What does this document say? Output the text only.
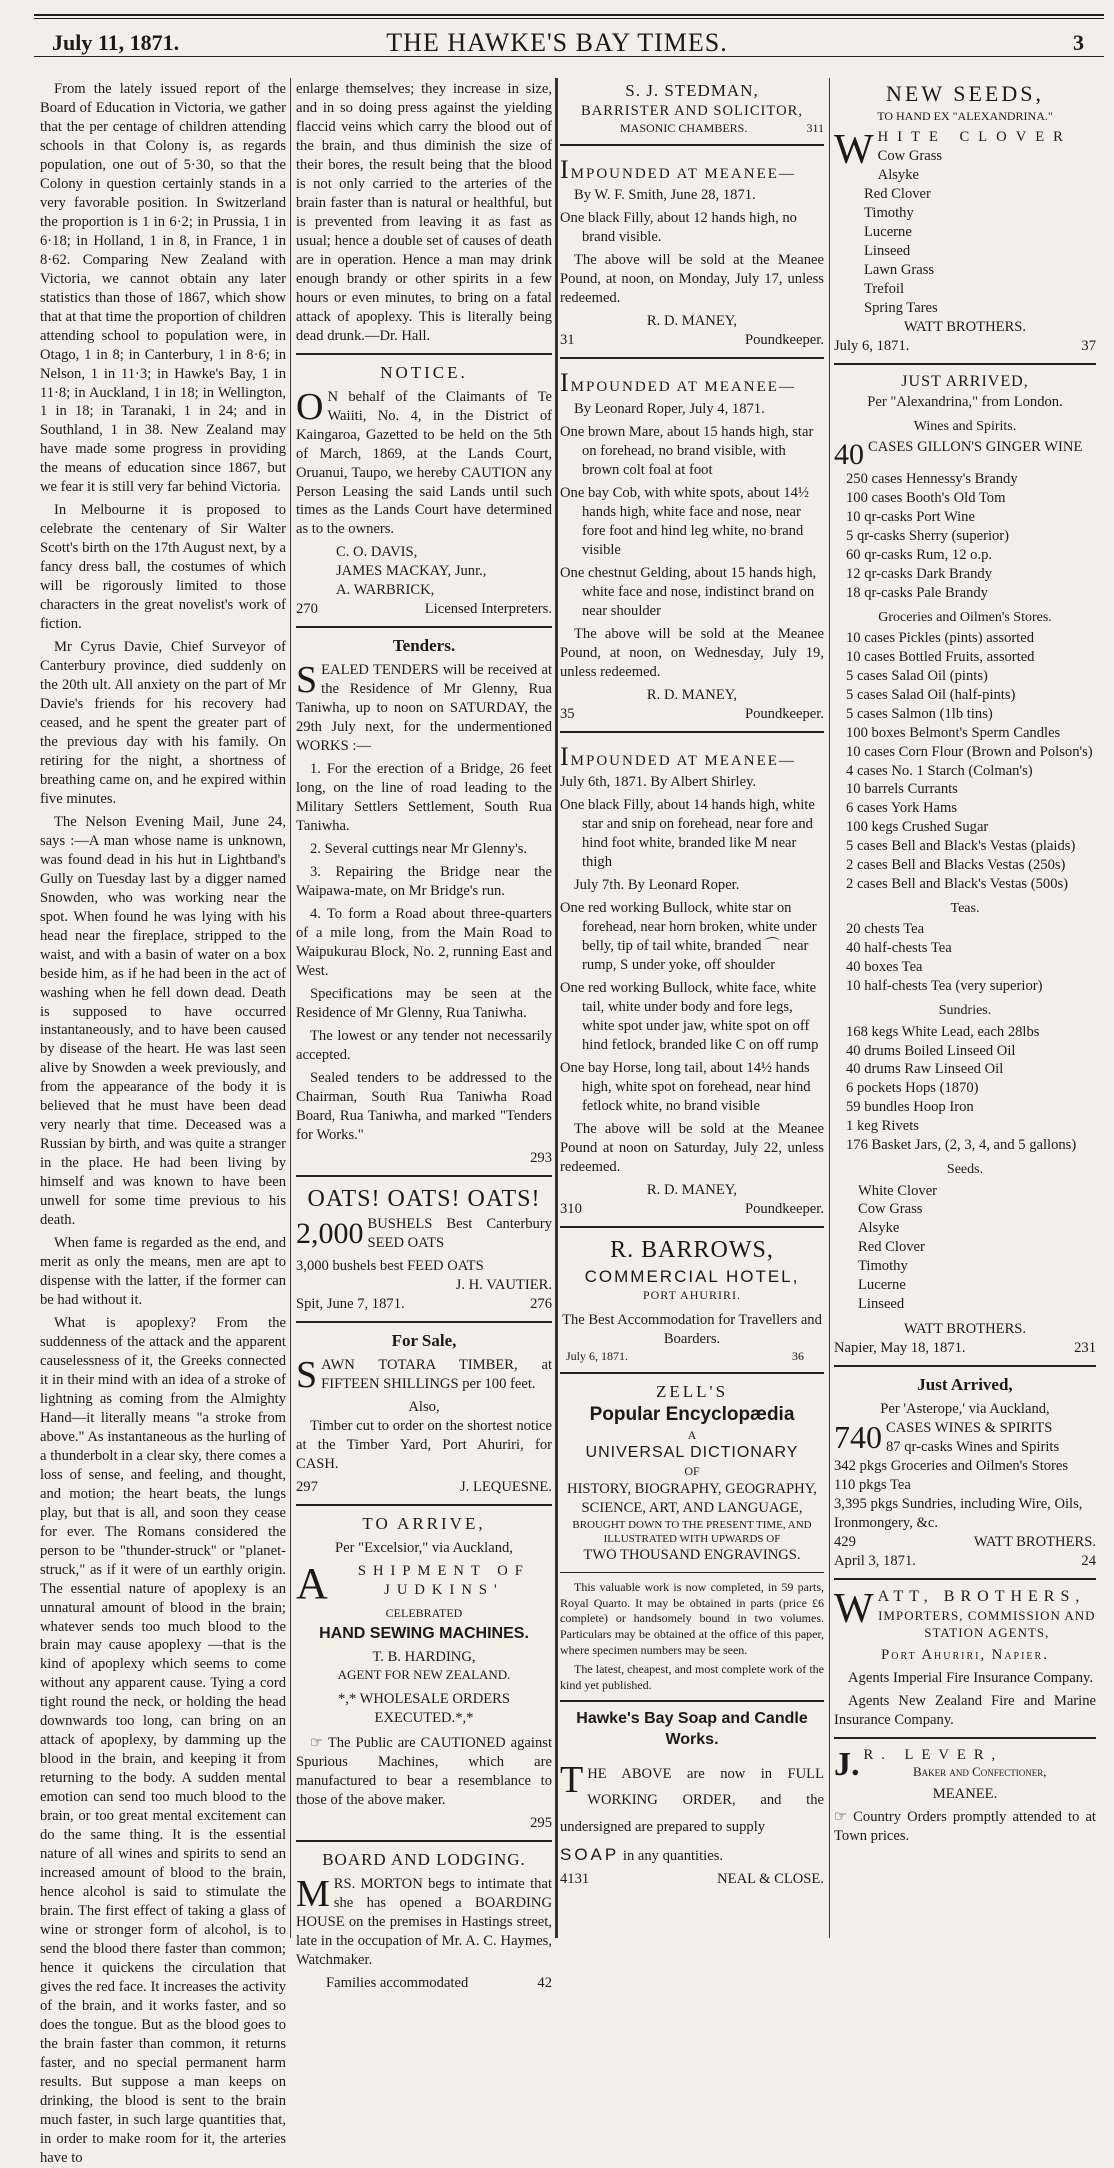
July 11, 1871.	THE HAWKE'S BAY TIMES.	3

From the lately issued report of the Board of Education in Victoria, we gather that the per centage of children attending schools in that Colony is, as regards population, one out of 5·30, so that the Colony in question certainly stands in a very favorable position. In Switzerland the proportion is 1 in 6·2; in Prussia, 1 in 6·18; in Holland, 1 in 8, in France, 1 in 8·62. Comparing New Zealand with Victoria, we cannot obtain any later statistics than those of 1867, which show that at that time the proportion of children attending school to population were, in Otago, 1 in 8; in Canterbury, 1 in 8·6; in Nelson, 1 in 11·3; in Hawke's Bay, 1 in 11·8; in Auckland, 1 in 18; in Wellington, 1 in 18; in Taranaki, 1 in 24; and in Southland, 1 in 38. New Zealand may have made some progress in providing the means of education since 1867, but we fear it is still very far behind Victoria.

In Melbourne it is proposed to celebrate the centenary of Sir Walter Scott's birth on the 17th August next, by a fancy dress ball, the costumes of which will be rigorously limited to those characters in the great novelist's work of fiction.

Mr Cyrus Davie, Chief Surveyor of Canterbury province, died suddenly on the 20th ult. All anxiety on the part of Mr Davie's friends for his recovery had ceased, and he spent the greater part of the previous day with his family. On retiring for the night, a shortness of breathing came on, and he expired within five minutes.

The Nelson Evening Mail, June 24, says :—A man whose name is unknown, was found dead in his hut in Lightband's Gully on Tuesday last by a digger named Snowden, who was working near the spot. When found he was lying with his head near the fireplace, stripped to the waist, and with a basin of water on a box beside him, as if he had been in the act of washing when he fell down dead. Death is supposed to have occurred instantaneously, and to have been caused by disease of the heart. He was last seen alive by Snowden a week previously, and from the appearance of the body it is believed that he must have been dead very nearly that time. Deceased was a Russian by birth, and was quite a stranger in the place. He had been living by himself and was known to have been unwell for some time previous to his death.

When fame is regarded as the end, and merit as only the means, men are apt to dispense with the latter, if the former can be had without it.

What is apoplexy? From the suddenness of the attack and the apparent causelessness of it, the Greeks connected it in their mind with an idea of a stroke of lightning as coming from the Almighty Hand—it literally means "a stroke from above." As instantaneous as the hurling of a thunderbolt in a clear sky, there comes a loss of sense, and feeling, and thought, and motion; the heart beats, the lungs play, but that is all, and soon they cease for ever. The Romans considered the person to be "thunder-struck" or "planet-struck," as if it were of un earthly origin. The essential nature of apoplexy is an unnatural amount of blood in the brain; whatever sends too much blood to the brain may cause apoplexy —that is the kind of apoplexy which seems to come without any apparent cause. Tying a cord tight round the neck, or holding the head downwards too long, can bring on an attack of apoplexy, by damming up the blood in the brain, and keeping it from returning to the body. A sudden mental emotion can send too much blood to the brain, or too great mental excitement can do the same thing. It is the essential nature of all wines and spirits to send an increased amount of blood to the brain, hence alcohol is said to stimulate the brain. The first effect of taking a glass of wine or stronger form of alcohol, is to send the blood there faster than common; hence it quickens the circulation that gives the red face. It increases the activity of the brain, and it works faster, and so does the tongue. But as the blood goes to the brain faster than common, it returns faster, and no special permanent harm results. But suppose a man keeps on drinking, the blood is sent to the brain much faster, in such large quantities that, in order to make room for it, the arteries have to

enlarge themselves; they increase in size, and in so doing press against the yielding flaccid veins which carry the blood out of the brain, and thus diminish the size of their bores, the result being that the blood is not only carried to the arteries of the brain faster than is natural or healthful, but is prevented from leaving it as fast as usual; hence a double set of causes of death are in operation. Hence a man may drink enough brandy or other spirits in a few hours or even minutes, to bring on a fatal attack of apoplexy. This is literally being dead drunk.—Dr. Hall.

NOTICE.

O N behalf of the Claimants of Te Waiiti, No. 4, in the District of Kaingaroa, Gazetted to be held on the 5th of March, 1869, at the Lands Court, Oruanui, Taupo, we hereby CAUTION any Person Leasing the said Lands until such times as the Lands Court have determined as to the owners.

C. O. DAVIS,
JAMES MACKAY, Junr.,
A. WARBRICK,
270	Licensed Interpreters.
Tenders.

SEALED TENDERS will be received at the Residence of Mr Glenny, Rua Taniwha, up to noon on SATURDAY, the 29th July next, for the undermentioned WORKS :—

1. For the erection of a Bridge, 26 feet long, on the line of road leading to the Military Settlers Settlement, South Rua Taniwha.

2. Several cuttings near Mr Glenny's.

3. Repairing the Bridge near the Waipawa-mate, on Mr Bridge's run.

4. To form a Road about three-quarters of a mile long, from the Main Road to Waipukurau Block, No. 2, running East and West.

Specifications may be seen at the Residence of Mr Glenny, Rua Taniwha.

The lowest or any tender not necessarily accepted.

Sealed tenders to be addressed to the Chairman, South Rua Taniwha Road Board, Rua Taniwha, and marked "Tenders for Works."

293
OATS! OATS! OATS!

2,000 BUSHELS Best Canterbury SEED OATS

3,000 bushels best FEED OATS
J. H. VAUTIER.
Spit, June 7, 1871.	276
For Sale,

SAWN TOTARA TIMBER, at FIFTEEN SHILLINGS per 100 feet.

Also,

Timber cut to order on the shortest notice at the Timber Yard, Port Ahuriri, for CASH.

297	J. LEQUESNE.
TO ARRIVE,
Per "Excelsior," via Auckland,
A	SHIPMENT OF
JUDKINS'
CELEBRATED
HAND SEWING MACHINES.
T. B. HARDING,
AGENT FOR NEW ZEALAND.
*,* WHOLESALE ORDERS EXECUTED.*,*

☞ The Public are CAUTIONED against Spurious Machines, which are manufactured to bear a resemblance to those of the above maker.

295
BOARD AND LODGING.

MRS. MORTON begs to intimate that she has opened a BOARDING HOUSE on the premises in Hastings street, late in the occupation of Mr. A. C. Haymes, Watchmaker.

Families accommodated	42
S. J. STEDMAN,
BARRISTER AND SOLICITOR,
MASONIC CHAMBERS.	311
IMPOUNDED AT MEANEE—

By W. F. Smith, June 28, 1871.

One black Filly, about 12 hands high, no brand visible.

The above will be sold at the Meanee Pound, at noon, on Monday, July 17, unless redeemed.

R. D. MANEY,
31	Poundkeeper.
IMPOUNDED AT MEANEE—

By Leonard Roper, July 4, 1871.

One brown Mare, about 15 hands high, star on forehead, no brand visible, with brown colt foal at foot

One bay Cob, with white spots, about 14½ hands high, white face and nose, near fore foot and hind leg white, no brand visible

One chestnut Gelding, about 15 hands high, white face and nose, indistinct brand on near shoulder

The above will be sold at the Meanee Pound, at noon, on Wednesday, July 19, unless redeemed.

R. D. MANEY,
35	Poundkeeper.
IMPOUNDED AT MEANEE—

July 6th, 1871. By Albert Shirley.

One black Filly, about 14 hands high, white star and snip on forehead, near fore and hind foot white, branded like M near thigh

July 7th. By Leonard Roper.

One red working Bullock, white star on forehead, near horn broken, white under belly, tip of tail white, branded ⌒ near rump, S under yoke, off shoulder

One red working Bullock, white face, white tail, white under body and fore legs, white spot under jaw, white spot on off hind fetlock, branded like C on off rump

One bay Horse, long tail, about 14½ hands high, white spot on forehead, near hind fetlock white, no brand visible

The above will be sold at the Meanee Pound at noon on Saturday, July 22, unless redeemed.

R. D. MANEY,
310	Poundkeeper.
R. BARROWS,
COMMERCIAL HOTEL,
PORT AHURIRI.
The Best Accommodation for Travellers and Boarders.
July 6, 1871.	36
ZELL'S
Popular Encyclopædia
A
UNIVERSAL DICTIONARY
OF
HISTORY, BIOGRAPHY, GEOGRAPHY, SCIENCE, ART, AND LANGUAGE,
BROUGHT DOWN TO THE PRESENT TIME, AND ILLUSTRATED WITH UPWARDS OF
TWO THOUSAND ENGRAVINGS.

This valuable work is now completed, in 59 parts, Royal Quarto. It may be obtained in parts (price £6 complete) or handsomely bound in two volumes. Particulars may be obtained at the office of this paper, where specimen numbers may be seen.

The latest, cheapest, and most complete work of the kind yet published.

Hawke's Bay Soap and Candle Works.

THE ABOVE are now in FULL WORKING ORDER, and the undersigned are prepared to supply

SOAP in any quantities.
4131	NEAL & CLOSE.
NEW SEEDS,
TO HAND EX "ALEXANDRINA."
WHITE CLOVER
Cow Grass
Alsyke
Red Clover
Timothy
Lucerne
Linseed
Lawn Grass
Trefoil
Spring Tares
WATT BROTHERS.
July 6, 1871.	37
JUST ARRIVED,
Per "Alexandrina," from London.
Wines and Spirits.
40 CASES GILLON'S GINGER WINE
250 cases Hennessy's Brandy
100 cases Booth's Old Tom
10 qr-casks Port Wine
5 qr-casks Sherry (superior)
60 qr-casks Rum, 12 o.p.
12 qr-casks Dark Brandy
18 qr-casks Pale Brandy
Groceries and Oilmen's Stores.
10 cases Pickles (pints) assorted
10 cases Bottled Fruits, assorted
5 cases Salad Oil (pints)
5 cases Salad Oil (half-pints)
5 cases Salmon (1lb tins)
100 boxes Belmont's Sperm Candles
10 cases Corn Flour (Brown and Polson's)
4 cases No. 1 Starch (Colman's)
10 barrels Currants
6 cases York Hams
100 kegs Crushed Sugar
5 cases Bell and Black's Vestas (plaids)
2 cases Bell and Blacks Vestas (250s)
2 cases Bell and Black's Vestas (500s)
Teas.
20 chests Tea
40 half-chests Tea
40 boxes Tea
10 half-chests Tea (very superior)
Sundries.
168 kegs White Lead, each 28lbs
40 drums Boiled Linseed Oil
40 drums Raw Linseed Oil
6 pockets Hops (1870)
59 bundles Hoop Iron
1 keg Rivets
176 Basket Jars, (2, 3, 4, and 5 gallons)
Seeds.
White Clover
Cow Grass
Alsyke
Red Clover
Timothy
Lucerne
Linseed
WATT BROTHERS.
Napier, May 18, 1871.	231
Just Arrived,
Per 'Asterope,' via Auckland,
740 CASES WINES & SPIRITS
87 qr-casks Wines and Spirits
342 pkgs Groceries and Oilmen's Stores
110 pkgs Tea
3,395 pkgs Sundries, including Wire, Oils, Ironmongery, &c.
429	WATT BROTHERS.
April 3, 1871.	24
WATT, BROTHERS,
IMPORTERS, COMMISSION AND STATION AGENTS,
Port Ahuriri, Napier.

Agents Imperial Fire Insurance Company.

Agents New Zealand Fire and Marine Insurance Company.

J. R. LEVER,
Baker and Confectioner,
MEANEE.

☞ Country Orders promptly attended to at Town prices.
